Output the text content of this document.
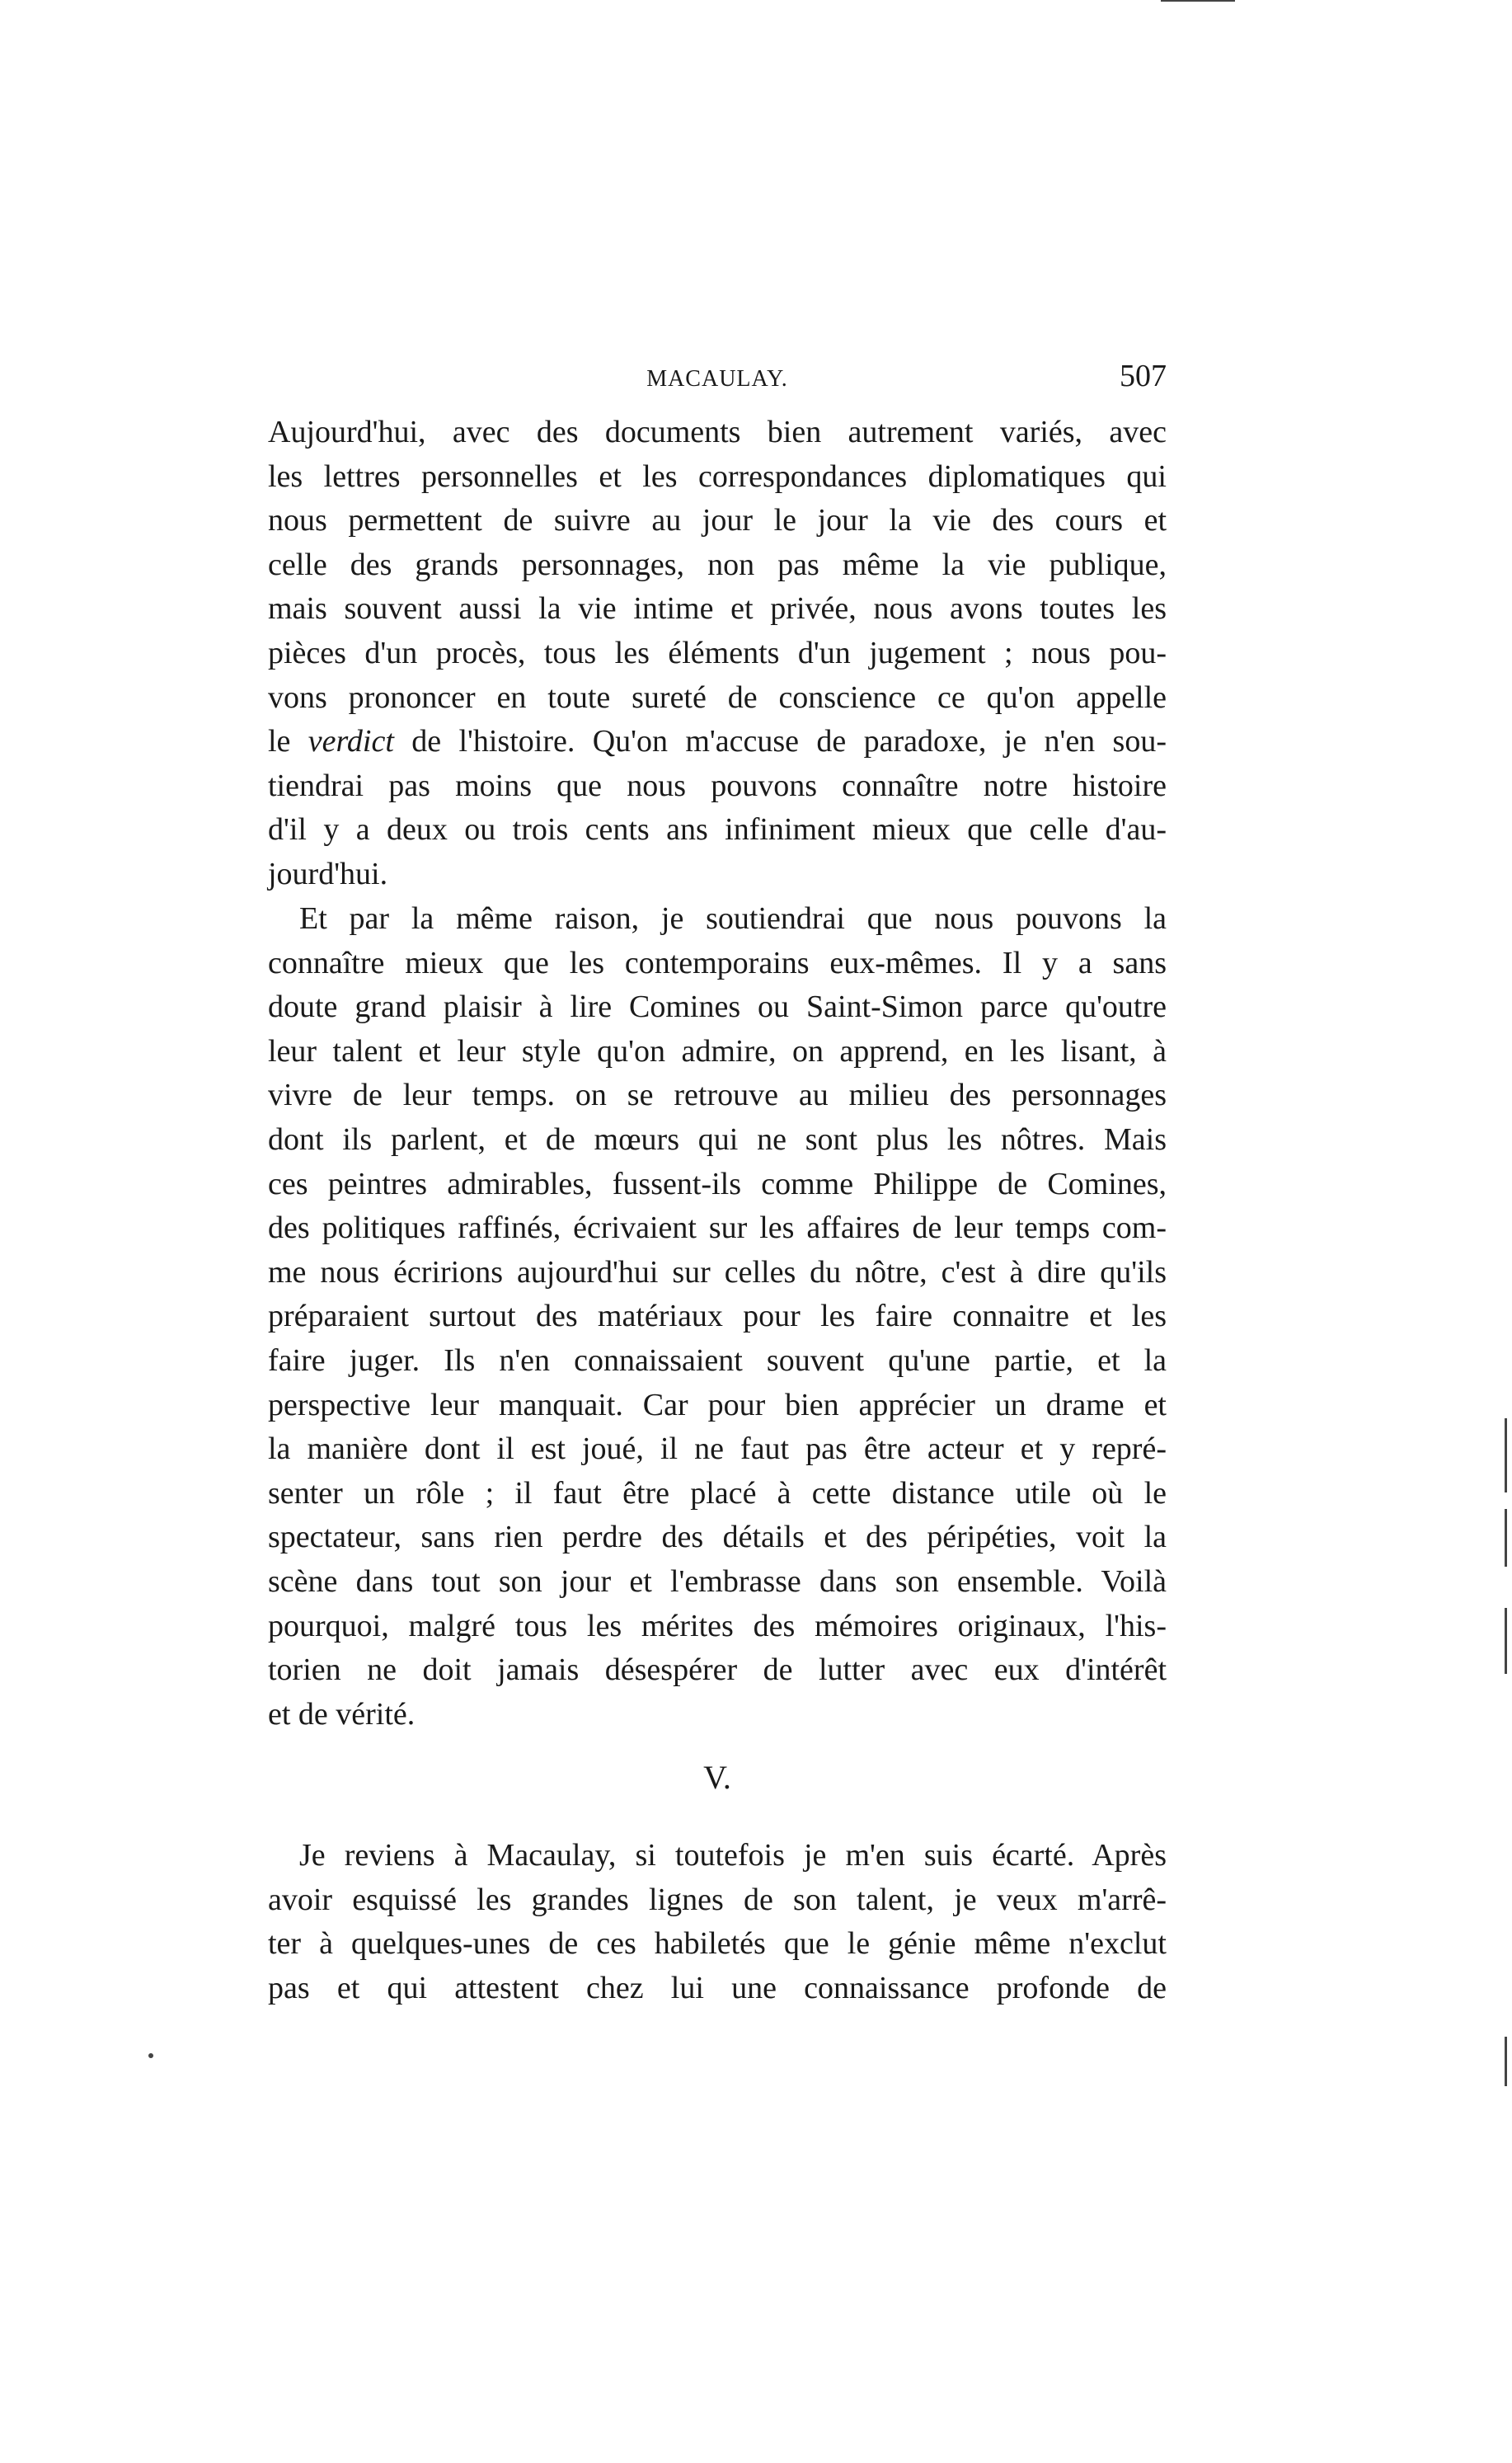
MACAULAY.	507
Aujourd'hui, avec des documents bien autrement variés, avec
les lettres personnelles et les correspondances diplomatiques qui
nous permettent de suivre au jour le jour la vie des cours et
celle des grands personnages, non pas même la vie publique,
mais souvent aussi la vie intime et privée, nous avons toutes les
pièces d'un procès, tous les éléments d'un jugement ; nous pou-
vons prononcer en toute sureté de conscience ce qu'on appelle
le verdict de l'histoire. Qu'on m'accuse de paradoxe, je n'en sou-
tiendrai pas moins que nous pouvons connaître notre histoire
d'il y a deux ou trois cents ans infiniment mieux que celle d'au-
jourd'hui.
Et par la même raison, je soutiendrai que nous pouvons la
connaître mieux que les contemporains eux-mêmes. Il y a sans
doute grand plaisir à lire Comines ou Saint-Simon parce qu'outre
leur talent et leur style qu'on admire, on apprend, en les lisant, à
vivre de leur temps. on se retrouve au milieu des personnages
dont ils parlent, et de mœurs qui ne sont plus les nôtres. Mais
ces peintres admirables, fussent-ils comme Philippe de Comines,
des politiques raffinés, écrivaient sur les affaires de leur temps com-
me nous écririons aujourd'hui sur celles du nôtre, c'est à dire qu'ils
préparaient surtout des matériaux pour les faire connaitre et les
faire juger. Ils n'en connaissaient souvent qu'une partie, et la
perspective leur manquait. Car pour bien apprécier un drame et
la manière dont il est joué, il ne faut pas être acteur et y repré-
senter un rôle ; il faut être placé à cette distance utile où le
spectateur, sans rien perdre des détails et des péripéties, voit la
scène dans tout son jour et l'embrasse dans son ensemble. Voilà
pourquoi, malgré tous les mérites des mémoires originaux, l'his-
torien ne doit jamais désespérer de lutter avec eux d'intérêt
et de vérité.
V.
Je reviens à Macaulay, si toutefois je m'en suis écarté. Après
avoir esquissé les grandes lignes de son talent, je veux m'arrê-
ter à quelques-unes de ces habiletés que le génie même n'exclut
pas et qui attestent chez lui une connaissance profonde de
